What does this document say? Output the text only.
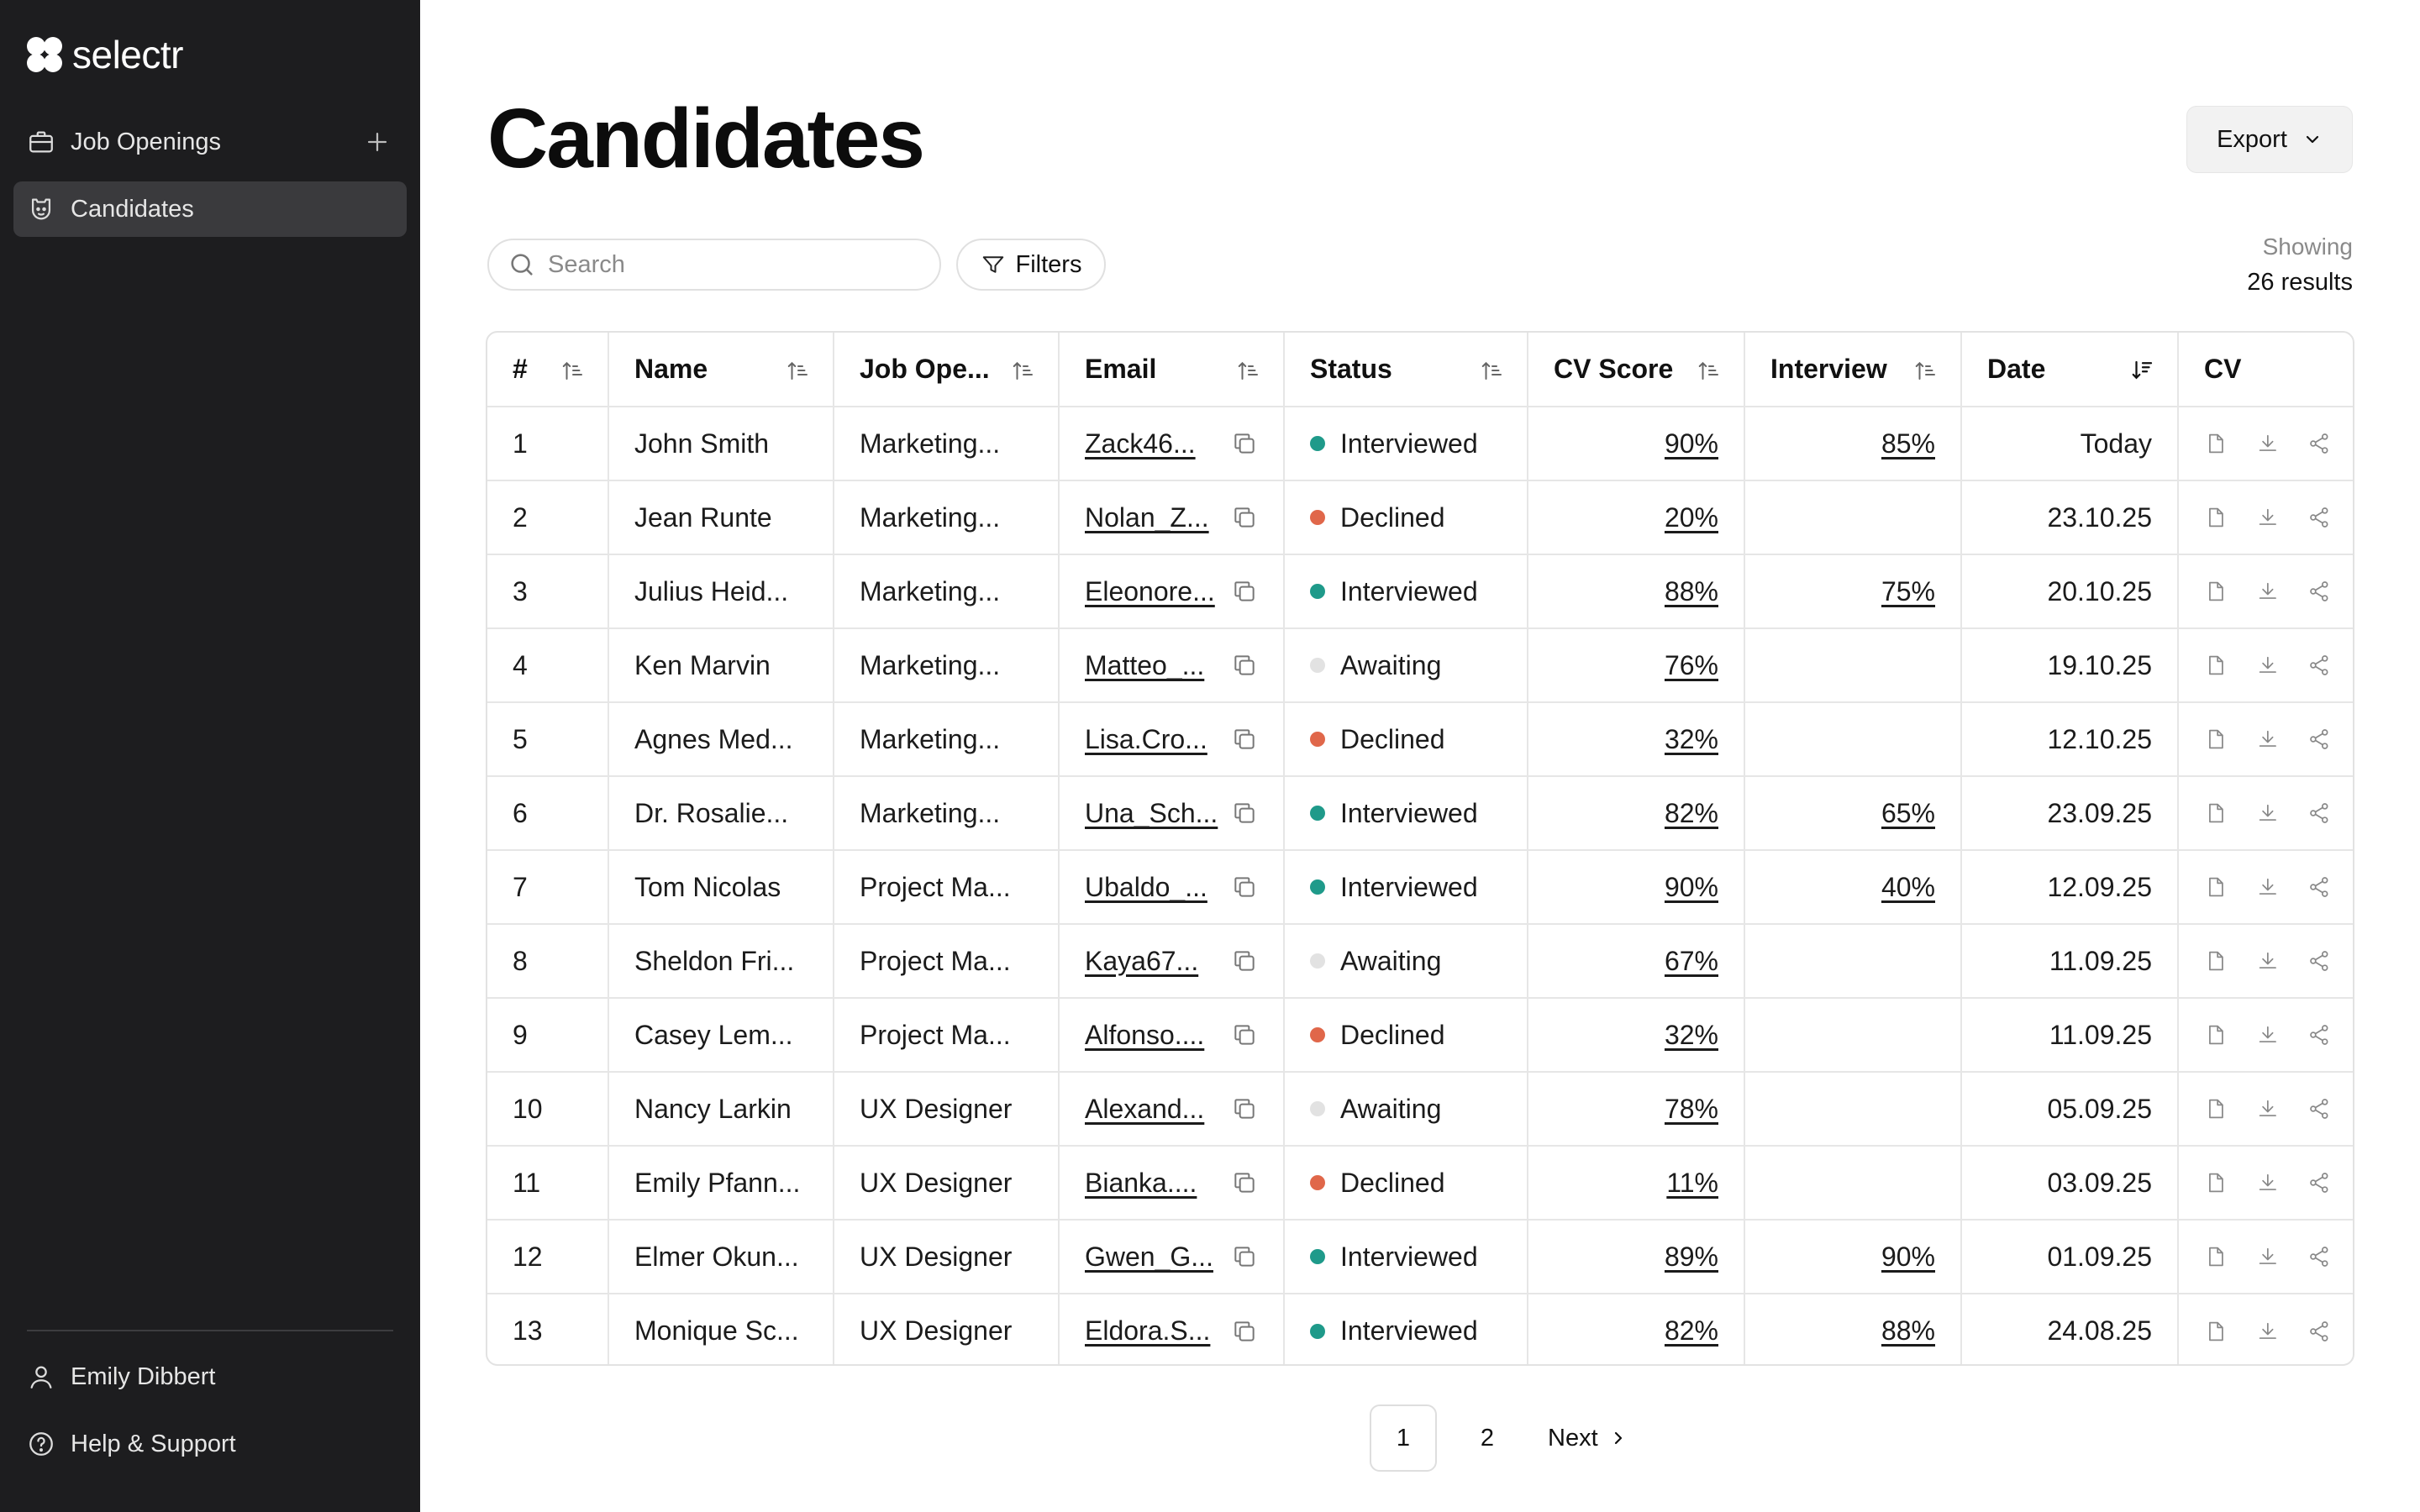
selectr
Job Openings
Candidates
Emily Dibbert
Help & Support
Candidates	Export
Search
Filters
Showing
26 results
#	Name	Job Ope...	Email	Status	CV Score	Interview	Date	CV
1	John Smith	Marketing...	Zack46...	Interviewed	90%	85%	Today	

2	Jean Runte	Marketing...	Nolan_Z...	Declined	20%		23.10.25	

3	Julius Heid...	Marketing...	Eleonore...	Interviewed	88%	75%	20.10.25	

4	Ken Marvin	Marketing...	Matteo_...	Awaiting	76%		19.10.25	

5	Agnes Med...	Marketing...	Lisa.Cro...	Declined	32%		12.10.25	

6	Dr. Rosalie...	Marketing...	Una_Sch...	Interviewed	82%	65%	23.09.25	

7	Tom Nicolas	Project Ma...	Ubaldo_...	Interviewed	90%	40%	12.09.25	

8	Sheldon Fri...	Project Ma...	Kaya67...	Awaiting	67%		11.09.25	

9	Casey Lem...	Project Ma...	Alfonso....	Declined	32%		11.09.25	

10	Nancy Larkin	UX Designer	Alexand...	Awaiting	78%		05.09.25	

11	Emily Pfann...	UX Designer	Bianka....	Declined	11%		03.09.25	

12	Elmer Okun...	UX Designer	Gwen_G...	Interviewed	89%	90%	01.09.25	

13	Monique Sc...	UX Designer	Eldora.S...	Interviewed	82%	88%	24.08.25	
1	2	Next
